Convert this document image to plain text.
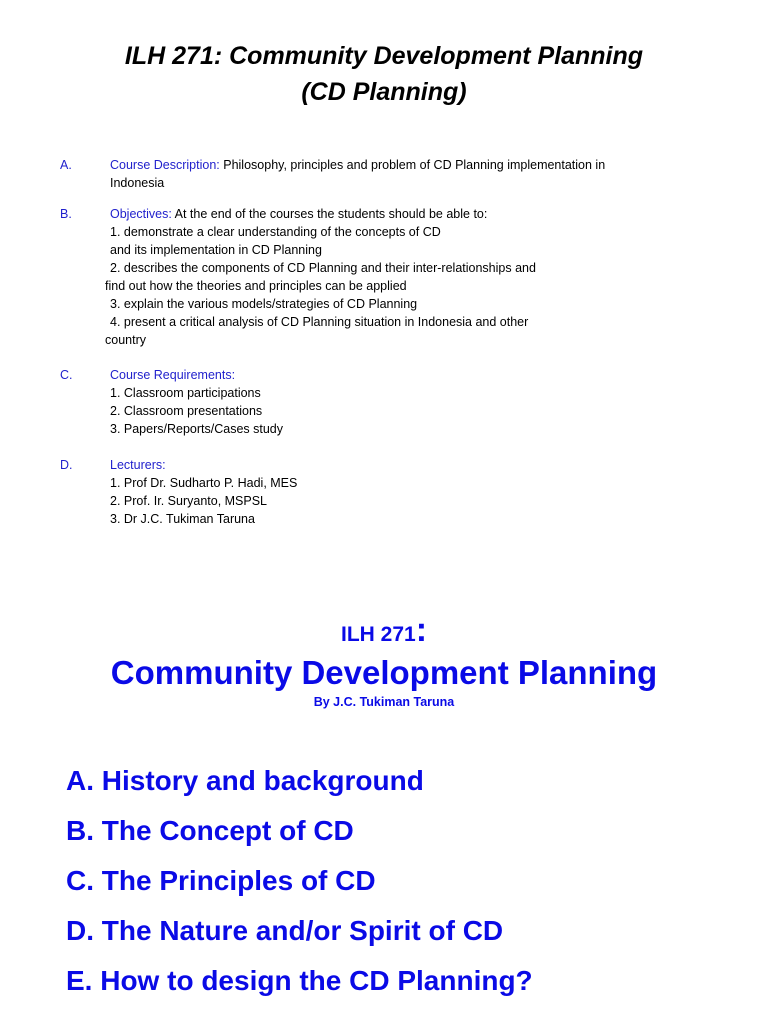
ILH 271: Community Development Planning
(CD Planning)
A.	Course Description: Philosophy, principles and problem of CD Planning implementation in
Indonesia
B.	Objectives: At the end of the courses the students should be able to:
1. demonstrate a clear understanding of the concepts of CD
and its implementation in CD Planning
2. describes the components of CD Planning and their inter-relationships and
find out how the theories and principles can be applied
3. explain the various models/strategies of CD Planning
4. present a critical analysis of CD Planning situation in Indonesia and other
country
C.	Course Requirements:
1. Classroom participations
2. Classroom presentations
3. Papers/Reports/Cases study
D.	Lecturers:
1. Prof Dr. Sudharto P. Hadi, MES
2. Prof. Ir. Suryanto, MSPSL
3. Dr J.C. Tukiman Taruna
ILH 271:
Community Development Planning
By J.C. Tukiman Taruna
A. History and background
B. The Concept of CD
C. The Principles of CD
D. The Nature and/or Spirit of CD
E. How to design the CD Planning?
